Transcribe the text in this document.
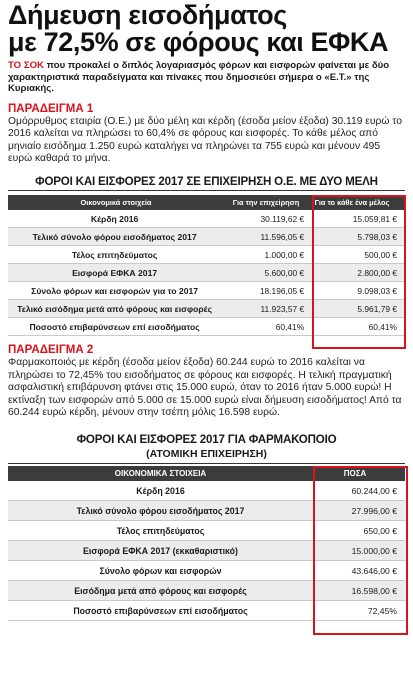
Δήμευση εισοδήματος
με 72,5% σε φόρους και ΕΦΚΑ

ΤΟ ΣΟΚ που προκαλεί ο διπλός λογαριασμός φόρων και εισφορών φαίνεται με δύο χαρακτηριστικά παραδείγματα και πίνακες που δημοσιεύει σήμερα ο «Ε.Τ.» της Κυριακής.

ΠΑΡΑΔΕΙΓΜΑ 1

Ομόρρυθμος εταιρία (Ο.Ε.) με δύο μέλη και κέρδη (έσοδα μείον έξοδα) 30.119 ευρώ το 2016 καλείται να πληρώσει το 60,4% σε φόρους και εισφορές. Το κάθε μέλος από μηνιαίο εισόδημα 1.250 ευρώ καταλήγει να πληρώνει τα 755 ευρώ και μένουν 495 ευρώ καθαρά το μήνα.

ΦΟΡΟΙ ΚΑΙ ΕΙΣΦΟΡΕΣ 2017 ΣΕ ΕΠΙΧΕΙΡΗΣΗ Ο.Ε. ΜΕ ΔΥΟ ΜΕΛΗ
Οικονομικά στοιχεία	Για την επιχείρηση	Για το κάθε ένα μέλος
Κέρδη 2016	30.119,62 €	15.059,81 €
Τελικό σύνολο φόρου εισοδήματος 2017	11.596,05 €	5.798,03 €
Τέλος επιτηδεύματος	1.000,00 €	500,00 €
Εισφορά ΕΦΚΑ 2017	5.600,00 €	2.800,00 €
Σύνολο φόρων και εισφορών για το 2017	18.196,05 €	9.098,03 €
Τελικό εισόδημα μετά από φόρους και εισφορές	11.923,57 €	5.961,79 €
Ποσοστό επιβαρύνσεων επί εισοδήματος	60,41%	60,41%
ΠΑΡΑΔΕΙΓΜΑ 2

Φαρμακοποιός με κέρδη (έσοδα μείον έξοδα) 60.244 ευρώ το 2016 καλείται να πληρώσει το 72,45% του εισοδήματος σε φόρους και εισφορές. Η τελική πραγματική ασφαλιστική επιβάρυνση φτάνει στις 15.000 ευρώ, όταν το 2016 ήταν 5.000 ευρώ! Η εκτίναξη των εισφορών από 5.000 σε 15.000 ευρώ είναι δήμευση εισοδήματος! Από τα 60.244 ευρώ κέρδη, μένουν στην τσέπη μόλις 16.598 ευρώ.

ΦΟΡΟΙ ΚΑΙ ΕΙΣΦΟΡΕΣ 2017 ΓΙΑ ΦΑΡΜΑΚΟΠΟΙΟ
(ΑΤΟΜΙΚΗ ΕΠΙΧΕΙΡΗΣΗ)
ΟΙΚΟΝΟΜΙΚΑ ΣΤΟΙΧΕΙΑ	ΠΟΣΑ
Κέρδη 2016	60.244,00 €
Τελικό σύνολο φόρου εισοδήματος 2017	27.996,00 €
Τέλος επιτηδεύματος	650,00 €
Εισφορά ΕΦΚΑ 2017 (εκκαθαριστικό)	15.000,00 €
Σύνολο φόρων και εισφορών	43.646,00 €
Εισόδημα μετά από φόρους και εισφορές	16.598,00 €
Ποσοστό επιβαρύνσεων επί εισοδήματος	72,45%
